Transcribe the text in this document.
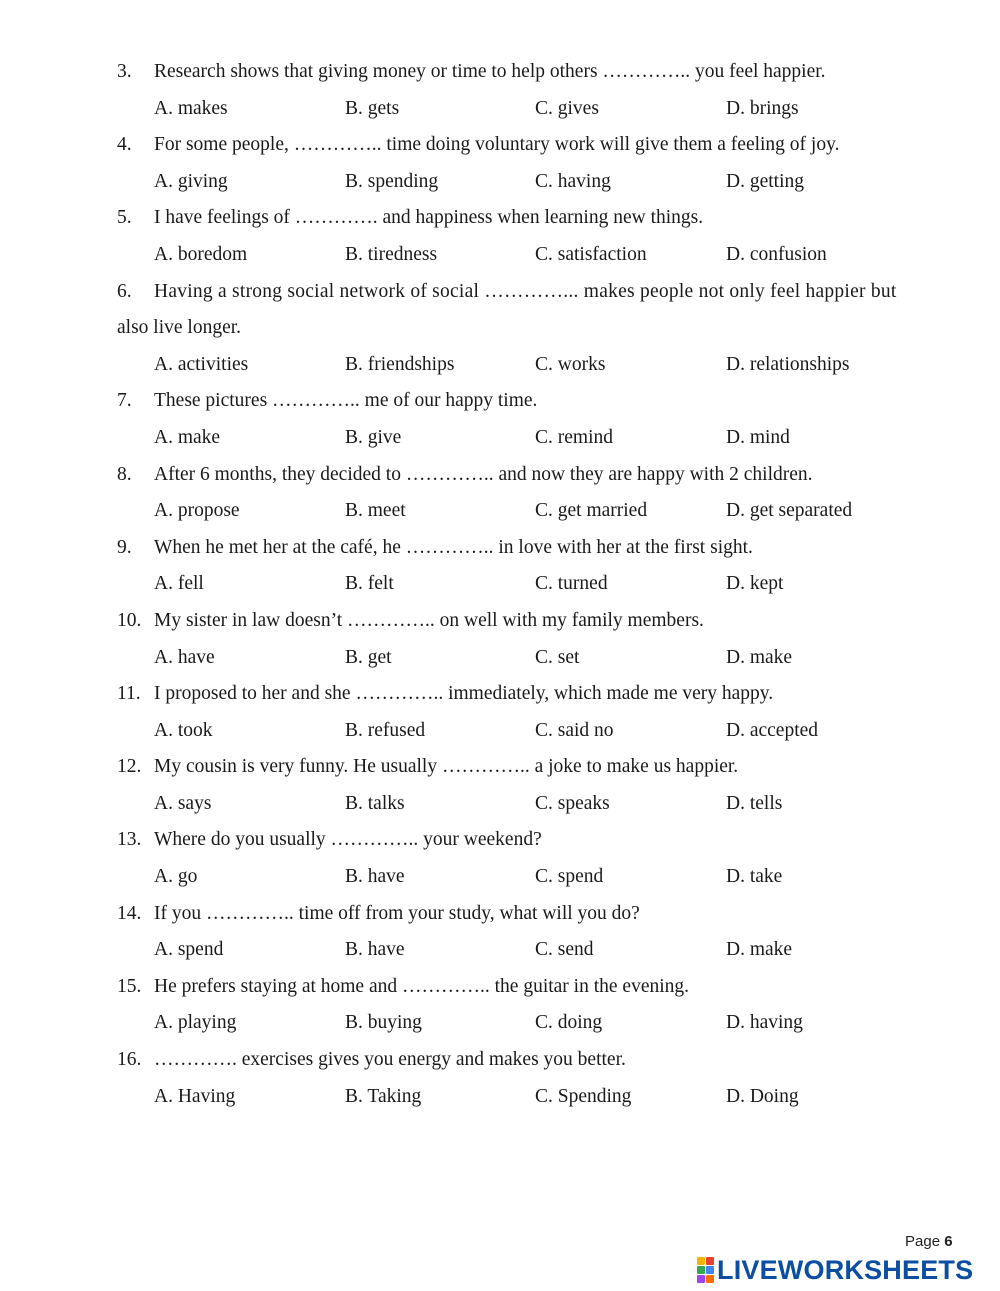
3. Research shows that giving money or time to help others ………….. you feel happier.
A. makes	B. gets	C. gives	D. brings
4. For some people, ………….. time doing voluntary work will give them a feeling of joy.
A. giving	B. spending	C. having	D. getting
5. I have feelings of …………. and happiness when learning new things.
A. boredom	B. tiredness	C. satisfaction	D. confusion
6. Having a strong social network of social …………... makes people not only feel happier but
also live longer.
A. activities	B. friendships	C. works	D. relationships
7. These pictures ………….. me of our happy time.
A. make	B. give	C. remind	D. mind
8. After 6 months, they decided to ………….. and now they are happy with 2 children.
A. propose	B. meet	C. get married	D. get separated
9. When he met her at the café, he ………….. in love with her at the first sight.
A. fell	B. felt	C. turned	D. kept
10. My sister in law doesn’t ………….. on well with my family members.
A. have	B. get	C. set	D. make
11. I proposed to her and she ………….. immediately, which made me very happy.
A. took	B. refused	C. said no	D. accepted
12. My cousin is very funny. He usually ………….. a joke to make us happier.
A. says	B. talks	C. speaks	D. tells
13. Where do you usually ………….. your weekend?
A. go	B. have	C. spend	D. take
14. If you ………….. time off from your study, what will you do?
A. spend	B. have	C. send	D. make
15. He prefers staying at home and ………….. the guitar in the evening.
A. playing	B. buying	C. doing	D. having
16. …………. exercises gives you energy and makes you better.
A. Having	B. Taking	C. Spending	D. Doing
Page 6
LIVEWORKSHEETS
